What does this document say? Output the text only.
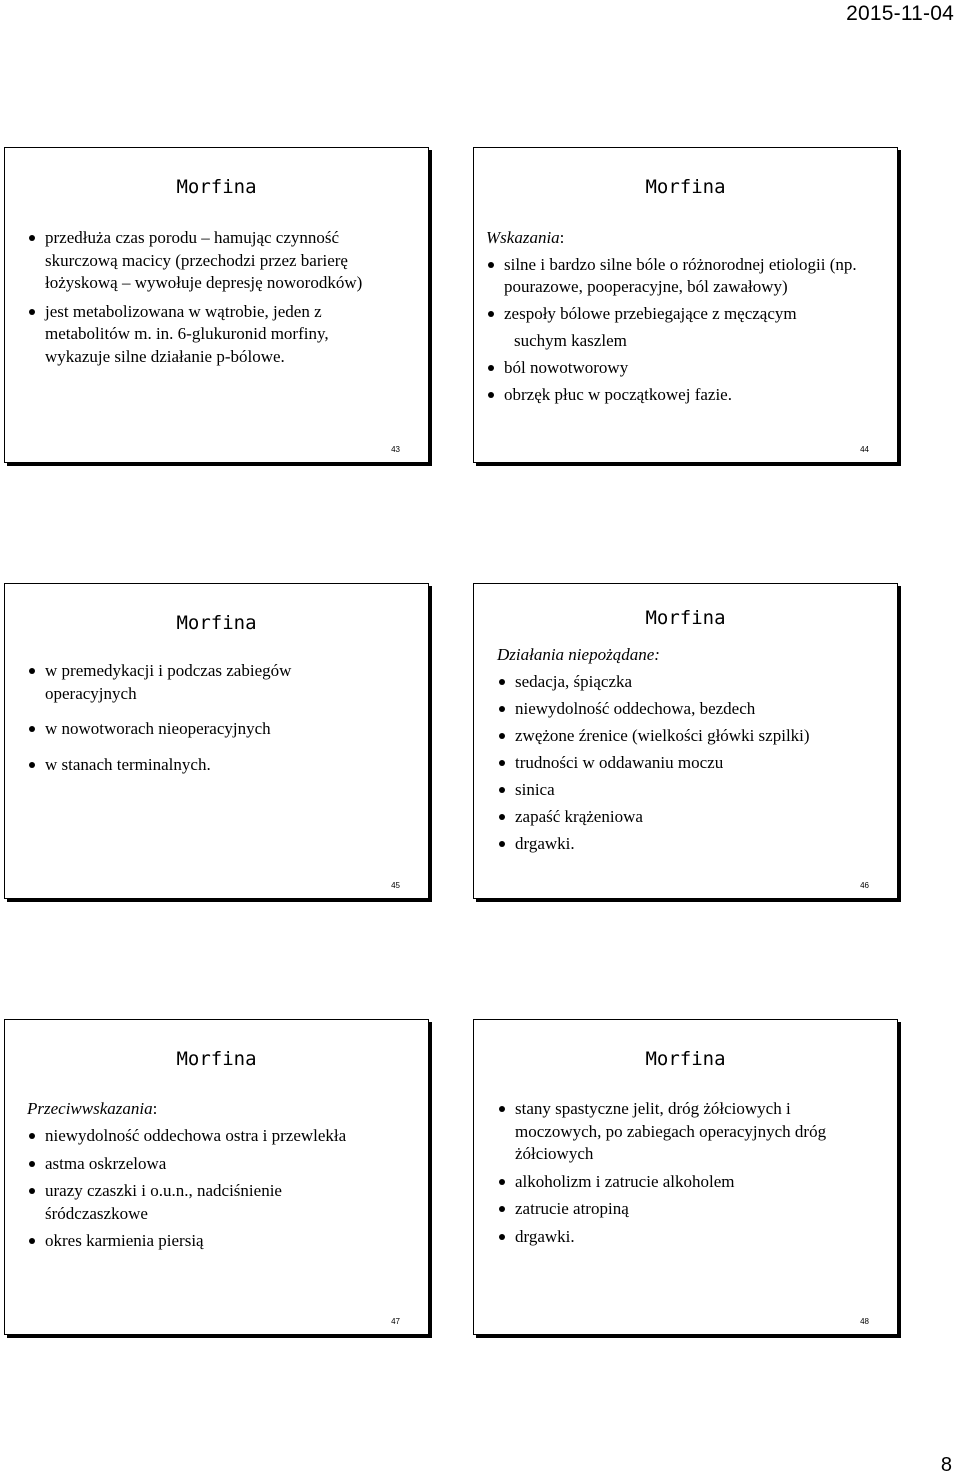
2015-11-04
Morfina
przedłuża czas porodu – hamując czynność skurczową macicy (przechodzi przez barierę łożyskową – wywołuje depresję noworodków)
jest metabolizowana w wątrobie, jeden z metabolitów m. in. 6-glukuronid morfiny, wykazuje silne działanie p-bólowe.
43
Morfina
Wskazania:
silne i bardzo silne bóle o różnorodnej etiologii (np. pourazowe, pooperacyjne, ból zawałowy)
zespoły bólowe przebiegające z męczącym
suchym kaszlem
ból nowotworowy
obrzęk płuc w początkowej fazie.
44
Morfina
w premedykacji i podczas zabiegów operacyjnych
w nowotworach nieoperacyjnych
w stanach terminalnych.
45
Morfina
Działania niepożądane:
sedacja, śpiączka
niewydolność oddechowa, bezdech
zwężone źrenice (wielkości główki szpilki)
trudności w oddawaniu moczu
sinica
zapaść krążeniowa
drgawki.
46
Morfina
Przeciwwskazania:
niewydolność oddechowa ostra i przewlekła
astma oskrzelowa
urazy czaszki i o.u.n., nadciśnienie śródczaszkowe
okres karmienia piersią
47
Morfina
stany spastyczne jelit, dróg żółciowych i moczowych, po zabiegach operacyjnych dróg żółciowych
alkoholizm i zatrucie alkoholem
zatrucie atropiną
drgawki.
48
8
